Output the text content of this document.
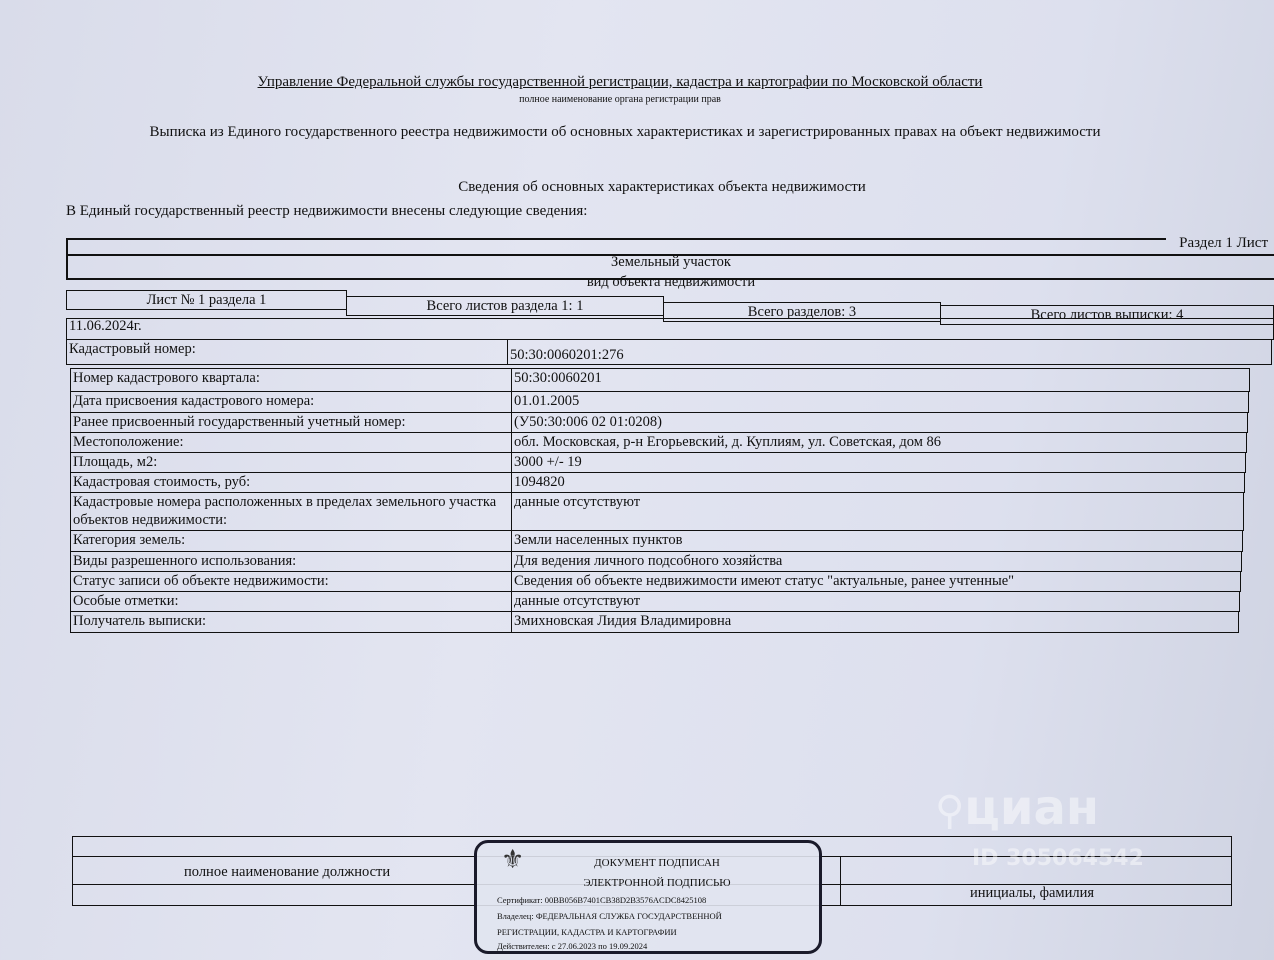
Управление Федеральной службы государственной регистрации, кадастра и картографии по Московской области
полное наименование органа регистрации прав
Выписка из Единого государственного реестра недвижимости об основных характеристиках и зарегистрированных правах на объект недвижимости
Сведения об основных характеристиках объекта недвижимости
В Единый государственный реестр недвижимости внесены следующие сведения:
Раздел 1 Лист
Земельный участок
вид объекта недвижимости
Лист № 1 раздела 1	Всего листов раздела 1: 1	Всего разделов: 3	Всего листов выписки: 4
11.06.2024г.
Кадастровый номер:	50:30:0060201:276
Номер кадастрового квартала:	50:30:0060201
Дата присвоения кадастрового номера:	01.01.2005
Ранее присвоенный государственный учетный номер:	(У50:30:006 02 01:0208)
Местоположение:	обл. Московская, р-н Егорьевский, д. Куплиям, ул. Советская, дом 86
Площадь, м2:	3000 +/- 19
Кадастровая стоимость, руб:	1094820
Кадастровые номера расположенных в пределах земельного участка объектов недвижимости:
данные отсутствуют
Категория земель:	Земли населенных пунктов
Виды разрешенного использования:	Для ведения личного подсобного хозяйства
Статус записи об объекте недвижимости:	Сведения об объекте недвижимости имеют статус "актуальные, ранее учтенные"
Особые отметки:	данные отсутствуют
Получатель выписки:	Змихновская Лидия Владимировна
полное наименование должности
инициалы, фамилия
⚲циан
ID 305064542
⚜	ДОКУМЕНТ ПОДПИСАН
ЭЛЕКТРОННОЙ ПОДПИСЬЮ
Сертификат: 00BB056B7401CB38D2B3576ACDC8425108
Владелец: ФЕДЕРАЛЬНАЯ СЛУЖБА ГОСУДАРСТВЕННОЙ
РЕГИСТРАЦИИ, КАДАСТРА И КАРТОГРАФИИ
Действителен: с 27.06.2023 по 19.09.2024
